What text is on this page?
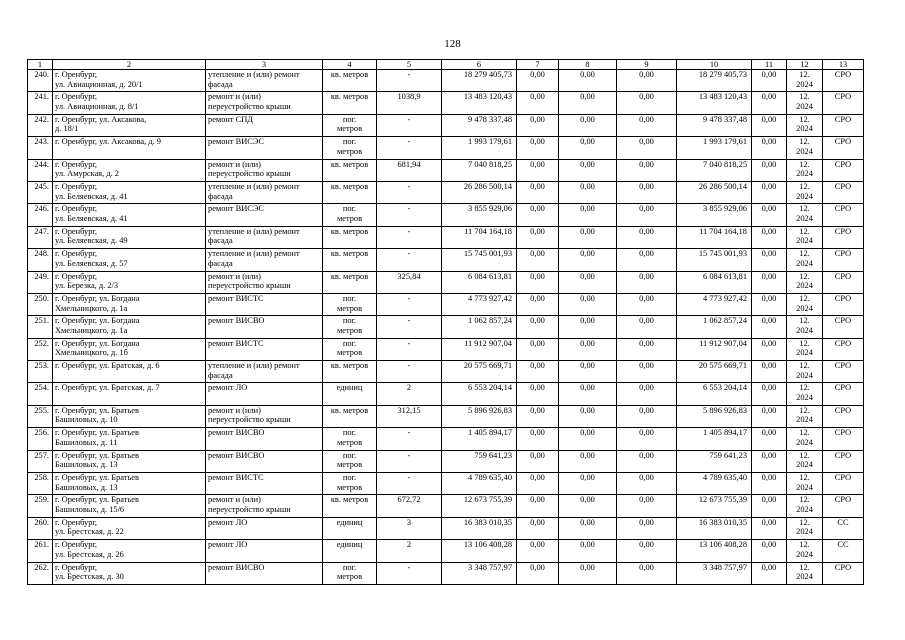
128
1	2	3	4	5	6	7	8	9	10	11	12	13
240.	г. Оренбург,
ул. Авиационная, д. 20/1	утепление и (или) ремонт
фасада	кв. метров	-	18 279 405,73	0,00	0,00	0,00	18 279 405,73	0,00	12.
2024	СРО
241.	г. Оренбург,
ул. Авиационная, д. 8/1	ремонт и (или)
переустройство крыши	кв. метров	1038,9	13 483 120,43	0,00	0,00	0,00	13 483 120,43	0,00	12.
2024	СРО
242.	г. Оренбург, ул. Аксакова,
д. 18/1	ремонт СПД	пог.
метров	-	9 478 337,48	0,00	0,00	0,00	9 478 337,48	0,00	12.
2024	СРО
243.	г. Оренбург, ул. Аксакова, д. 9	ремонт ВИСЭС	пог.
метров	-	1 993 179,61	0,00	0,00	0,00	1 993 179,61	0,00	12.
2024	СРО
244.	г. Оренбург,
ул. Амурская, д. 2	ремонт и (или)
переустройство крыши	кв. метров	681,94	7 040 818,25	0,00	0,00	0,00	7 040 818,25	0,00	12.
2024	СРО
245.	г. Оренбург,
ул. Беляевская, д. 41	утепление и (или) ремонт
фасада	кв. метров	-	26 286 500,14	0,00	0,00	0,00	26 286 500,14	0,00	12.
2024	СРО
246.	г. Оренбург,
ул. Беляевская, д. 41	ремонт ВИСЭС	пог.
метров	-	3 855 929,06	0,00	0,00	0,00	3 855 929,06	0,00	12.
2024	СРО
247.	г. Оренбург,
ул. Беляевская, д. 49	утепление и (или) ремонт
фасада	кв. метров	-	11 704 164,18	0,00	0,00	0,00	11 704 164,18	0,00	12.
2024	СРО
248.	г. Оренбург,
ул. Беляевская, д. 57	утепление и (или) ремонт
фасада	кв. метров	-	15 745 001,93	0,00	0,00	0,00	15 745 001,93	0,00	12.
2024	СРО
249.	г. Оренбург,
ул. Березка, д. 2/3	ремонт и (или)
переустройство крыши	кв. метров	325,84	6 084 613,81	0,00	0,00	0,00	6 084 613,81	0,00	12.
2024	СРО
250.	г. Оренбург, ул. Богдана
Хмельницкого, д. 1а	ремонт ВИСТС	пог.
метров	-	4 773 927,42	0,00	0,00	0,00	4 773 927,42	0,00	12.
2024	СРО
251.	г. Оренбург, ул. Богдана
Хмельницкого, д. 1а	ремонт ВИСВО	пог.
метров	-	1 062 857,24	0,00	0,00	0,00	1 062 857,24	0,00	12.
2024	СРО
252.	г. Оренбург, ул. Богдана
Хмельницкого, д. 1б	ремонт ВИСТС	пог.
метров	-	11 912 907,04	0,00	0,00	0,00	11 912 907,04	0,00	12.
2024	СРО
253.	г. Оренбург, ул. Братская, д. 6	утепление и (или) ремонт
фасада	кв. метров	-	20 575 669,71	0,00	0,00	0,00	20 575 669,71	0,00	12.
2024	СРО
254.	г. Оренбург, ул. Братская, д. 7	ремонт ЛО	единиц	2	6 553 204,14	0,00	0,00	0,00	6 553 204,14	0,00	12.
2024	СРО
255.	г. Оренбург, ул. Братьев
Башиловых, д. 10	ремонт и (или)
переустройство крыши	кв. метров	312,15	5 896 926,83	0,00	0,00	0,00	5 896 926,83	0,00	12.
2024	СРО
256.	г. Оренбург, ул. Братьев
Башиловых, д. 11	ремонт ВИСВО	пог.
метров	-	1 405 894,17	0,00	0,00	0,00	1 405 894,17	0,00	12.
2024	СРО
257.	г. Оренбург, ул. Братьев
Башиловых, д. 13	ремонт ВИСВО	пог.
метров	-	759 641,23	0,00	0,00	0,00	759 641,23	0,00	12.
2024	СРО
258.	г. Оренбург, ул. Братьев
Башиловых, д. 13	ремонт ВИСТС	пог.
метров	-	4 789 635,40	0,00	0,00	0,00	4 789 635,40	0,00	12.
2024	СРО
259.	г. Оренбург, ул. Братьев
Башиловых, д. 15/6	ремонт и (или)
переустройство крыши	кв. метров	672,72	12 673 755,39	0,00	0,00	0,00	12 673 755,39	0,00	12.
2024	СРО
260.	г. Оренбург,
ул. Брестская, д. 22	ремонт ЛО	единиц	3	16 383 010,35	0,00	0,00	0,00	16 383 010,35	0,00	12.
2024	СС
261.	г. Оренбург,
ул. Брестская, д. 26	ремонт ЛО	единиц	2	13 106 408,28	0,00	0,00	0,00	13 106 408,28	0,00	12.
2024	СС
262.	г. Оренбург,
ул. Брестская, д. 30	ремонт ВИСВО	пог.
метров	-	3 348 757,97	0,00	0,00	0,00	3 348 757,97	0,00	12.
2024	СРО
